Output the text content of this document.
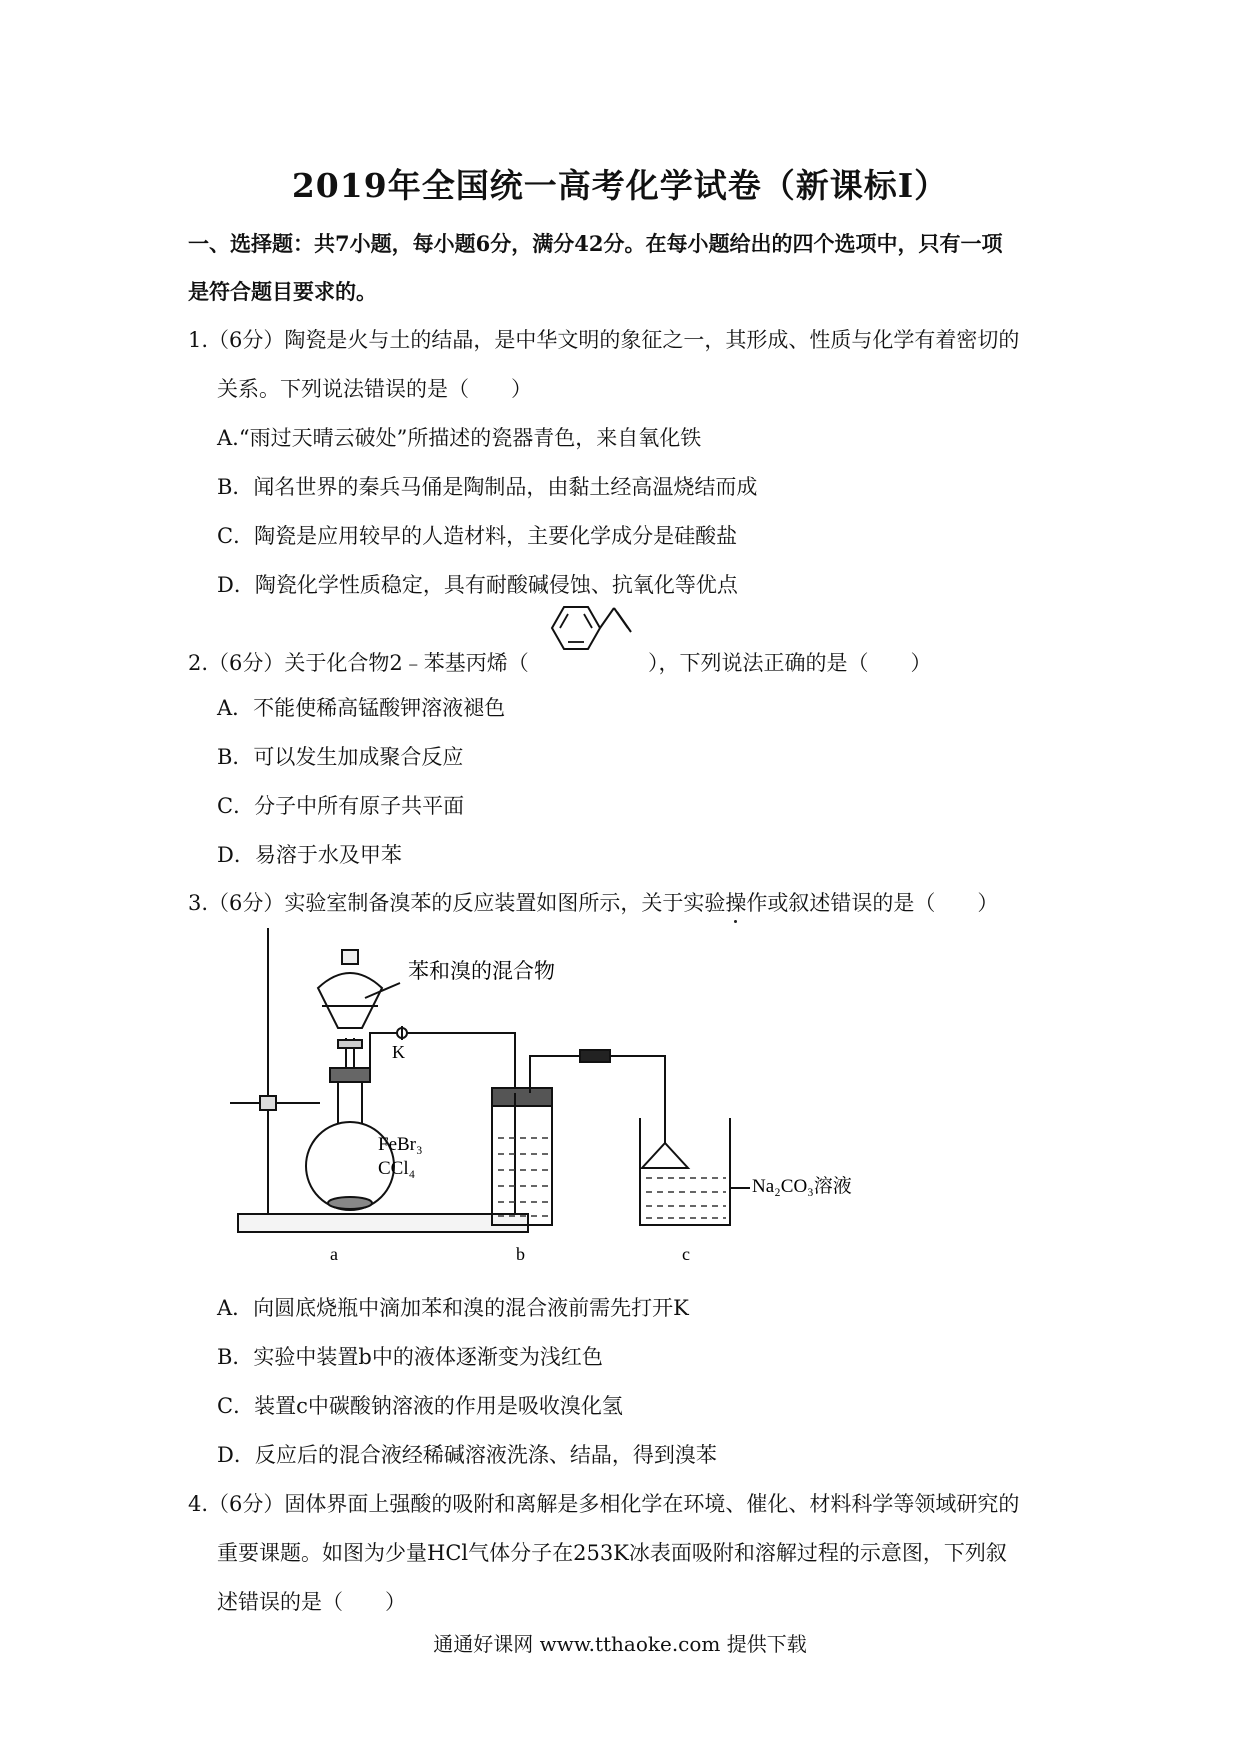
2019年全国统一高考化学试卷（新课标Ⅰ）
一、选择题：共7小题，每小题6分，满分42分。在每小题给出的四个选项中，只有一项
是符合题目要求的。
1.（6分）陶瓷是火与土的结晶，是中华文明的象征之一，其形成、性质与化学有着密切的
关系。下列说法错误的是（　　）
A.“雨过天晴云破处”所描述的瓷器青色，来自氧化铁
B．闻名世界的秦兵马俑是陶制品，由黏土经高温烧结而成
C．陶瓷是应用较早的人造材料，主要化学成分是硅酸盐
D．陶瓷化学性质稳定，具有耐酸碱侵蚀、抗氧化等优点
2.（6分）关于化合物2﹣苯基丙烯（	），下列说法正确的是（　　）
A．不能使稀高锰酸钾溶液褪色
B．可以发生加成聚合反应
C．分子中所有原子共平面
D．易溶于水及甲苯
3.（6分）实验室制备溴苯的反应装置如图所示，关于实验操作或叙述错误的是（　　）
苯和溴的混合物
K
FeBr₃
CCl₄
Na₂CO₃溶液
a	b	c
A．向圆底烧瓶中滴加苯和溴的混合液前需先打开K
B．实验中装置b中的液体逐渐变为浅红色
C．装置c中碳酸钠溶液的作用是吸收溴化氢
D．反应后的混合液经稀碱溶液洗涤、结晶，得到溴苯
4.（6分）固体界面上强酸的吸附和离解是多相化学在环境、催化、材料科学等领域研究的
重要课题。如图为少量HCl气体分子在253K冰表面吸附和溶解过程的示意图，下列叙
述错误的是（　　）
通通好课网 www.tthaoke.com 提供下载
